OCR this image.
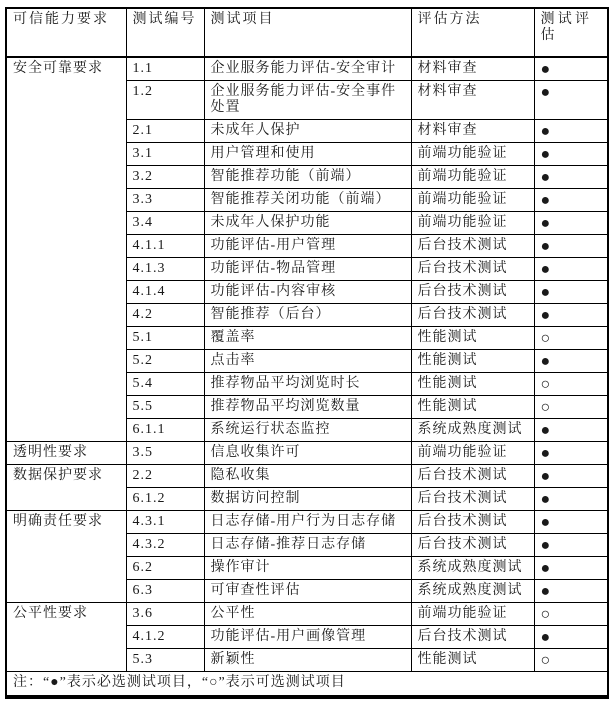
可信能力要求	测试编号	测试项目	评估方法	测试评估
安全可靠要求	1.1	企业服务能力评估-安全审计	材料审查	●
	1.2	企业服务能力评估-安全事件处置	材料审查	●
	2.1	未成年人保护	材料审查	●
	3.1	用户管理和使用	前端功能验证	●
	3.2	智能推荐功能（前端）	前端功能验证	●
	3.3	智能推荐关闭功能（前端）	前端功能验证	●
	3.4	未成年人保护功能	前端功能验证	●
	4.1.1	功能评估-用户管理	后台技术测试	●
	4.1.3	功能评估-物品管理	后台技术测试	●
	4.1.4	功能评估-内容审核	后台技术测试	●
	4.2	智能推荐（后台）	后台技术测试	●
	5.1	覆盖率	性能测试	○
	5.2	点击率	性能测试	●
	5.4	推荐物品平均浏览时长	性能测试	○
	5.5	推荐物品平均浏览数量	性能测试	○
	6.1.1	系统运行状态监控	系统成熟度测试	●
透明性要求	3.5	信息收集许可	前端功能验证	●
数据保护要求	2.2	隐私收集	后台技术测试	●
	6.1.2	数据访问控制	后台技术测试	●
明确责任要求	4.3.1	日志存储-用户行为日志存储	后台技术测试	●
	4.3.2	日志存储-推荐日志存储	后台技术测试	●
	6.2	操作审计	系统成熟度测试	●
	6.3	可审查性评估	系统成熟度测试	●
公平性要求	3.6	公平性	前端功能验证	○
	4.1.2	功能评估-用户画像管理	后台技术测试	●
	5.3	新颖性	性能测试	○
注：“●”表示必选测试项目，“○”表示可选测试项目				
